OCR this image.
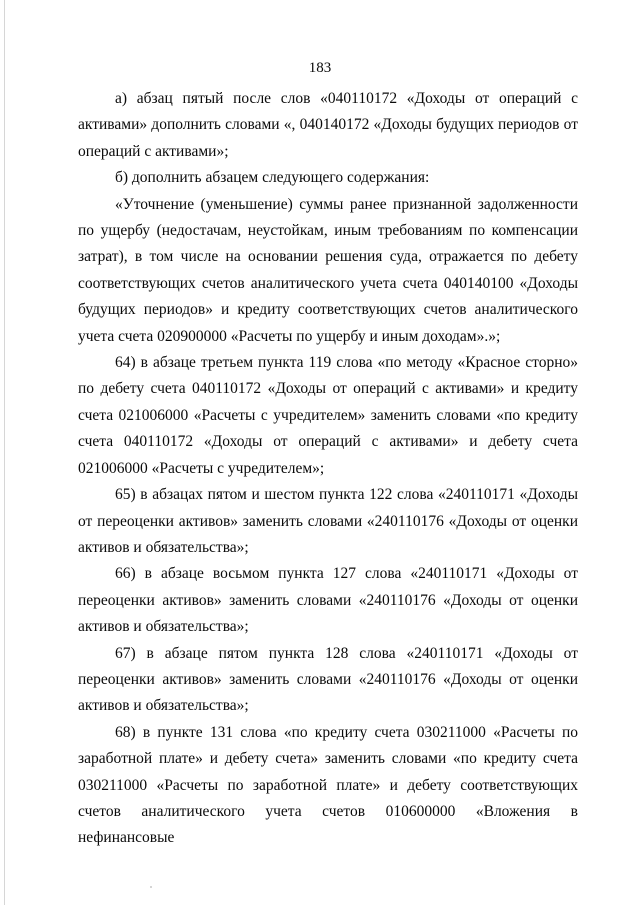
183

а) абзац пятый после слов «040110172 «Доходы от операций с активами» дополнить словами «, 040140172 «Доходы будущих периодов от операций с активами»;

б) дополнить абзацем следующего содержания:

«Уточнение (уменьшение) суммы ранее признанной задолженности по ущербу (недостачам, неустойкам, иным требованиям по компенсации затрат), в том числе на основании решения суда, отражается по дебету соответствующих счетов аналитического учета счета 040140100 «Доходы будущих периодов» и кредиту соответствующих счетов аналитического учета счета 020900000 «Расчеты по ущербу и иным доходам».»;

64) в абзаце третьем пункта 119 слова «по методу «Красное сторно» по дебету счета 040110172 «Доходы от операций с активами» и кредиту счета 021006000 «Расчеты с учредителем» заменить словами «по кредиту счета 040110172 «Доходы от операций с активами» и дебету счета 021006000 «Расчеты с учредителем»;

65) в абзацах пятом и шестом пункта 122 слова «240110171 «Доходы от переоценки активов» заменить словами «240110176 «Доходы от оценки активов и обязательства»;

66) в абзаце восьмом пункта 127 слова «240110171 «Доходы от переоценки активов» заменить словами «240110176 «Доходы от оценки активов и обязательства»;

67) в абзаце пятом пункта 128 слова «240110171 «Доходы от переоценки активов» заменить словами «240110176 «Доходы от оценки активов и обязательства»;

68) в пункте 131 слова «по кредиту счета 030211000 «Расчеты по заработной плате» и дебету счета» заменить словами «по кредиту счета 030211000 «Расчеты по заработной плате» и дебету соответствующих счетов аналитического учета счетов 010600000 «Вложения в нефинансовые
